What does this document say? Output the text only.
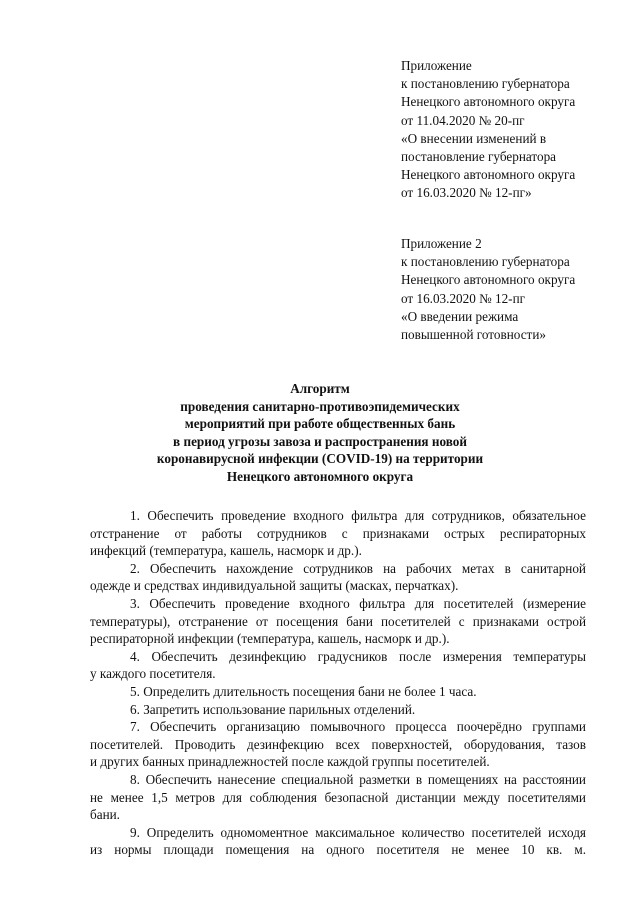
Приложение
к постановлению губернатора
Ненецкого автономного округа
от 11.04.2020 № 20-пг
«О внесении изменений в
постановление губернатора
Ненецкого автономного округа
от 16.03.2020 № 12-пг»
Приложение 2
к постановлению губернатора
Ненецкого автономного округа
от 16.03.2020 № 12-пг
«О введении режима
повышенной готовности»
Алгоритм
проведения санитарно-противоэпидемических
мероприятий при работе общественных бань
в период угрозы завоза и распространения новой
коронавирусной инфекции (COVID-19) на территории
Ненецкого автономного округа

1. Обеспечить проведение входного фильтра для сотрудников, обязательное
отстранение от работы сотрудников с признаками острых респираторных
инфекций (температура, кашель, насморк и др.).

2. Обеспечить нахождение сотрудников на рабочих метах в санитарной
одежде и средствах индивидуальной защиты (масках, перчатках).

3. Обеспечить проведение входного фильтра для посетителей (измерение
температуры), отстранение от посещения бани посетителей с признаками острой
респираторной инфекции (температура, кашель, насморк и др.).

4. Обеспечить дезинфекцию градусников после измерения температуры
у каждого посетителя.

5. Определить длительность посещения бани не более 1 часа.

6. Запретить использование парильных отделений.

7. Обеспечить организацию помывочного процесса поочерёдно группами
посетителей. Проводить дезинфекцию всех поверхностей, оборудования, тазов
и других банных принадлежностей после каждой группы посетителей.

8. Обеспечить нанесение специальной разметки в помещениях на расстоянии
не менее 1,5 метров для соблюдения безопасной дистанции между посетителями
бани.

9. Определить одномоментное максимальное количество посетителей исходя
из нормы площади помещения на одного посетителя не менее 10 кв. м.
